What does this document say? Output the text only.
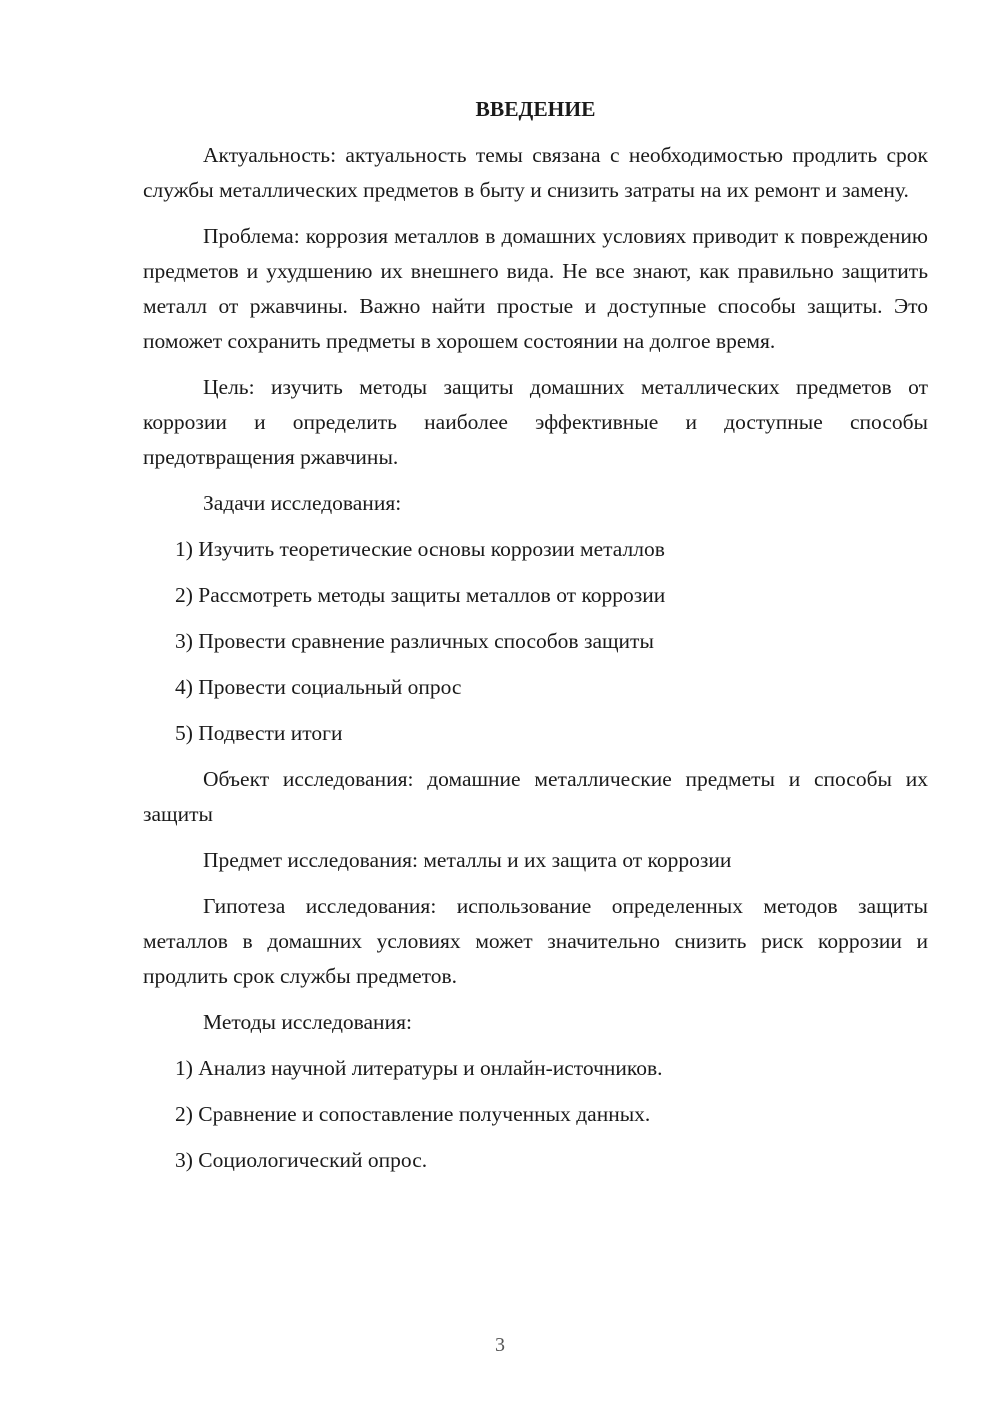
ВВЕДЕНИЕ

Актуальность: актуальность темы связана с необходимостью продлить срок службы металлических предметов в быту и снизить затраты на их ремонт и замену.

Проблема: коррозия металлов в домашних условиях приводит к повреждению предметов и ухудшению их внешнего вида. Не все знают, как правильно защитить металл от ржавчины. Важно найти простые и доступные способы защиты. Это поможет сохранить предметы в хорошем состоянии на долгое время.

Цель: изучить методы защиты домашних металлических предметов от коррозии и определить наиболее эффективные и доступные способы предотвращения ржавчины.

Задачи исследования:

1) Изучить теоретические основы коррозии металлов
2) Рассмотреть методы защиты металлов от коррозии
3) Провести сравнение различных способов защиты
4) Провести социальный опрос
5) Подвести итоги

Объект исследования: домашние металлические предметы и способы их защиты

Предмет исследования: металлы и их защита от коррозии

Гипотеза исследования: использование определенных методов защиты металлов в домашних условиях может значительно снизить риск коррозии и продлить срок службы предметов.

Методы исследования:

1) Анализ научной литературы и онлайн-источников.
2) Сравнение и сопоставление полученных данных.
3) Социологический опрос.
3
